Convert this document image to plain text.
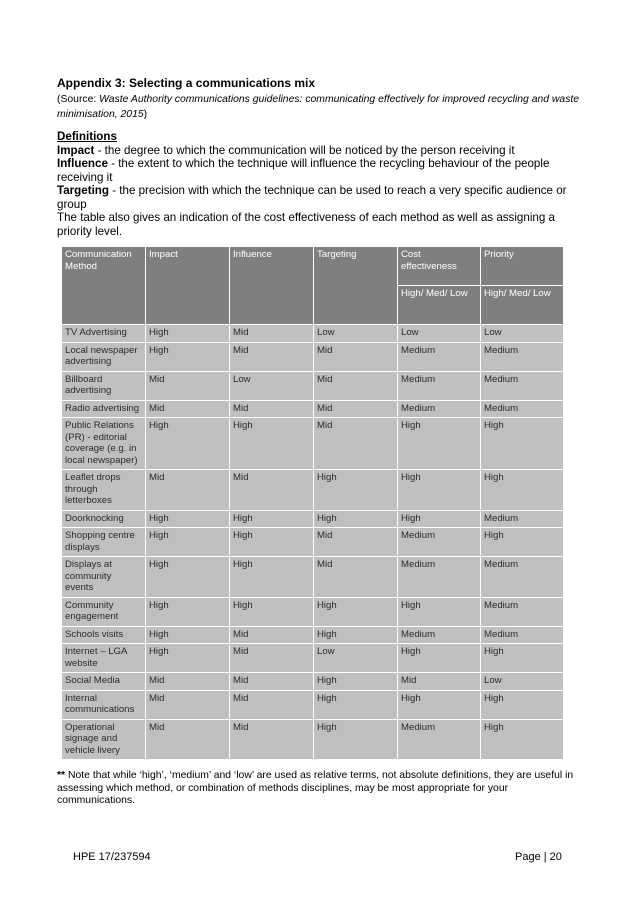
Appendix 3: Selecting a communications mix
(Source: Waste Authority communications guidelines: communicating effectively for improved recycling and waste minimisation, 2015)
Definitions
Impact - the degree to which the communication will be noticed by the person receiving it
Influence - the extent to which the technique will influence the recycling behaviour of the people receiving it
Targeting - the precision with which the technique can be used to reach a very specific audience or group
The table also gives an indication of the cost effectiveness of each method as well as assigning a priority level.
Communication Method	Impact	Influence	Targeting	Cost effectiveness	Priority
				High/ Med/ Low	High/ Med/ Low
TV Advertising	High	Mid	Low	Low	Low
Local newspaper advertising	High	Mid	Mid	Medium	Medium
Billboard advertising	Mid	Low	Mid	Medium	Medium
Radio advertising	Mid	Mid	Mid	Medium	Medium
Public Relations (PR) - editorial coverage (e.g. in local newspaper)	High	High	Mid	High	High
Leaflet drops through letterboxes	Mid	Mid	High	High	High
Doorknocking	High	High	High	High	Medium
Shopping centre displays	High	High	Mid	Medium	High
Displays at community events	High	High	Mid	Medium	Medium
Community engagement	High	High	High	High	Medium
Schools visits	High	Mid	High	Medium	Medium
Internet – LGA website	High	Mid	Low	High	High
Social Media	Mid	Mid	High	Mid	Low
Internal communications	Mid	Mid	High	High	High
Operational signage and vehicle livery	Mid	Mid	High	Medium	High
** Note that while ‘high’, ‘medium’ and ‘low’ are used as relative terms, not absolute definitions, they are useful in assessing which method, or combination of methods disciplines, may be most appropriate for your communications.
HPE 17/237594	Page | 20
